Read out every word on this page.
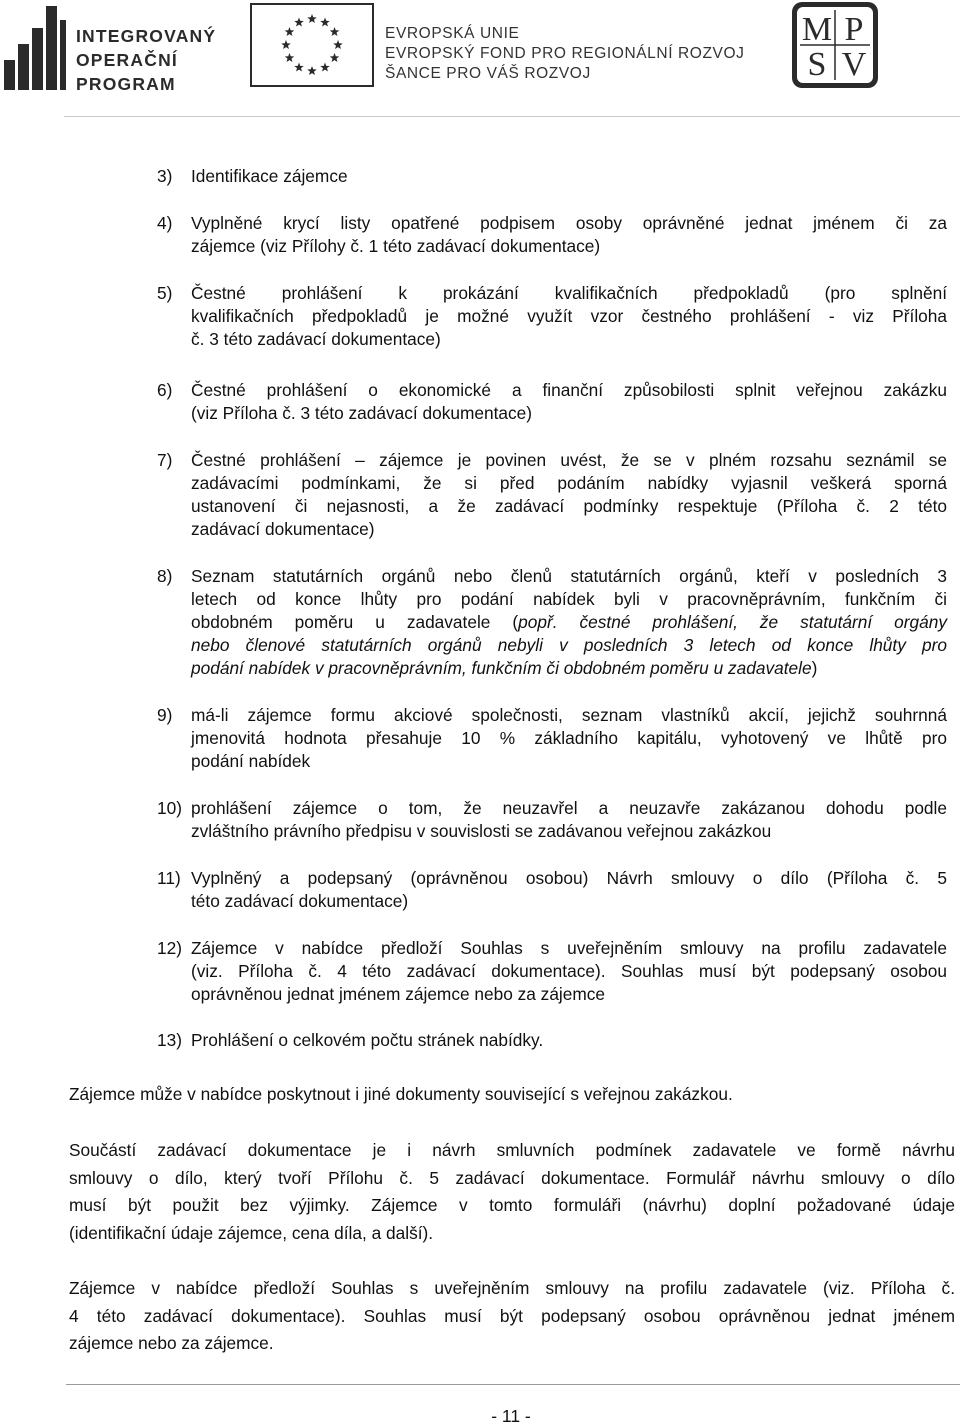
INTEGROVANÝ
OPERAČNÍ
PROGRAM
EVROPSKÁ UNIE
EVROPSKÝ FOND PRO REGIONÁLNÍ ROZVOJ
ŠANCE PRO VÁŠ ROZVOJ
M P
S V
3) Identifikace zájemce
4) Vyplněné krycí listy opatřené podpisem osoby oprávněné jednat jménem či za
zájemce (viz Přílohy č. 1 této zadávací dokumentace)
5) Čestné prohlášení k prokázání kvalifikačních předpokladů (pro splnění
kvalifikačních předpokladů je možné využít vzor čestného prohlášení - viz Příloha
č. 3 této zadávací dokumentace)
6) Čestné prohlášení o ekonomické a finanční způsobilosti splnit veřejnou zakázku
(viz Příloha č. 3 této zadávací dokumentace)
7) Čestné prohlášení – zájemce je povinen uvést, že se v plném rozsahu seznámil se
zadávacími podmínkami, že si před podáním nabídky vyjasnil veškerá sporná
ustanovení či nejasnosti, a že zadávací podmínky respektuje (Příloha č. 2 této
zadávací dokumentace)
8) Seznam statutárních orgánů nebo členů statutárních orgánů, kteří v posledních 3
letech od konce lhůty pro podání nabídek byli v pracovněprávním, funkčním či
obdobném poměru u zadavatele (popř. čestné prohlášení, že statutární orgány
nebo členové statutárních orgánů nebyli v posledních 3 letech od konce lhůty pro
podání nabídek v pracovněprávním, funkčním či obdobném poměru u zadavatele)
9) má-li zájemce formu akciové společnosti, seznam vlastníků akcií, jejichž souhrnná
jmenovitá hodnota přesahuje 10 % základního kapitálu, vyhotovený ve lhůtě pro
podání nabídek
10) prohlášení zájemce o tom, že neuzavřel a neuzavře zakázanou dohodu podle
zvláštního právního předpisu v souvislosti se zadávanou veřejnou zakázkou
11) Vyplněný a podepsaný (oprávněnou osobou) Návrh smlouvy o dílo (Příloha č. 5
této zadávací dokumentace)
12) Zájemce v nabídce předloží Souhlas s uveřejněním smlouvy na profilu zadavatele
(viz. Příloha č. 4 této zadávací dokumentace). Souhlas musí být podepsaný osobou
oprávněnou jednat jménem zájemce nebo za zájemce
13) Prohlášení o celkovém počtu stránek nabídky.
Zájemce může v nabídce poskytnout i jiné dokumenty související s veřejnou zakázkou.
Součástí zadávací dokumentace je i návrh smluvních podmínek zadavatele ve formě návrhu
smlouvy o dílo, který tvoří Přílohu č. 5 zadávací dokumentace. Formulář návrhu smlouvy o dílo
musí být použit bez výjimky. Zájemce v tomto formuláři (návrhu) doplní požadované údaje
(identifikační údaje zájemce, cena díla, a další).
Zájemce v nabídce předloží Souhlas s uveřejněním smlouvy na profilu zadavatele (viz. Příloha č.
4 této zadávací dokumentace). Souhlas musí být podepsaný osobou oprávněnou jednat jménem
zájemce nebo za zájemce.
- 11 -
